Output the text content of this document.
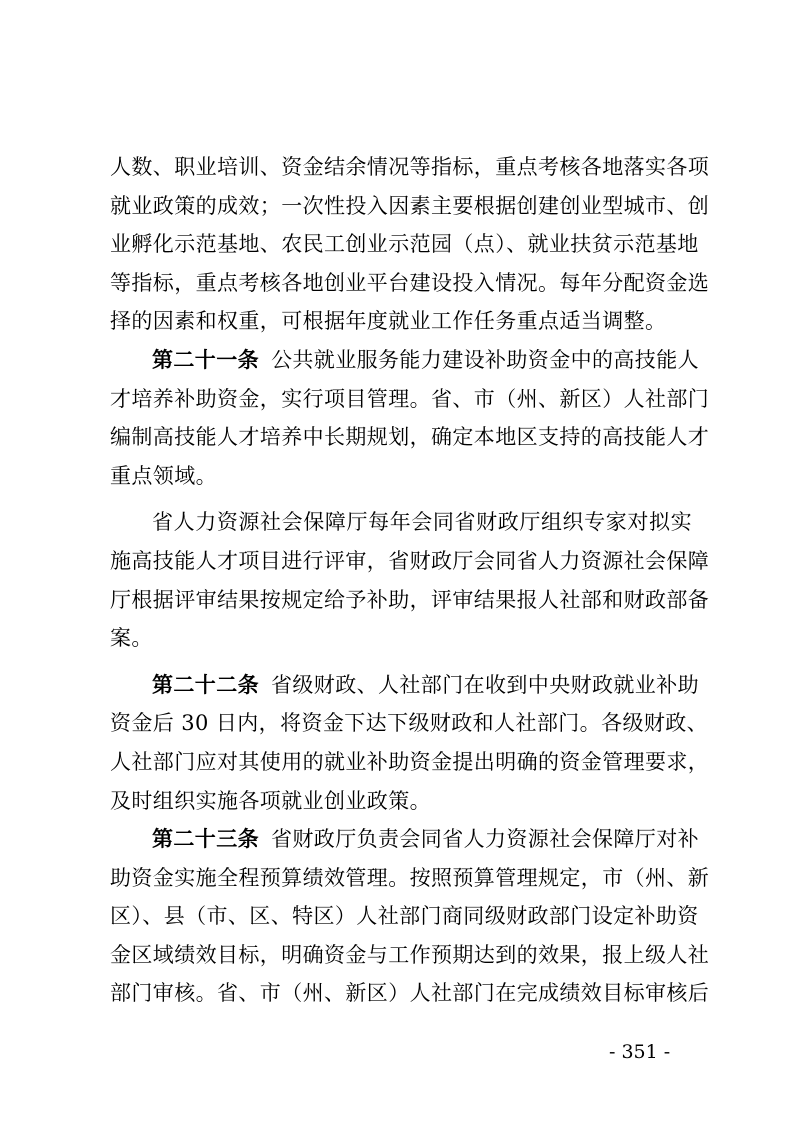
人数、职业培训、资金结余情况等指标，重点考核各地落实各项
就业政策的成效；一次性投入因素主要根据创建创业型城市、创
业孵化示范基地、农民工创业示范园（点）、就业扶贫示范基地
等指标，重点考核各地创业平台建设投入情况。每年分配资金选
择的因素和权重，可根据年度就业工作任务重点适当调整。
第二十一条 公共就业服务能力建设补助资金中的高技能人
才培养补助资金，实行项目管理。省、市（州、新区）人社部门
编制高技能人才培养中长期规划，确定本地区支持的高技能人才
重点领域。
省人力资源社会保障厅每年会同省财政厅组织专家对拟实
施高技能人才项目进行评审，省财政厅会同省人力资源社会保障
厅根据评审结果按规定给予补助，评审结果报人社部和财政部备
案。
第二十二条 省级财政、人社部门在收到中央财政就业补助
资金后 30 日内，将资金下达下级财政和人社部门。各级财政、
人社部门应对其使用的就业补助资金提出明确的资金管理要求，
及时组织实施各项就业创业政策。
第二十三条 省财政厅负责会同省人力资源社会保障厅对补
助资金实施全程预算绩效管理。按照预算管理规定，市（州、新
区）、县（市、区、特区）人社部门商同级财政部门设定补助资
金区域绩效目标，明确资金与工作预期达到的效果，报上级人社
部门审核。省、市（州、新区）人社部门在完成绩效目标审核后
- 351 -
